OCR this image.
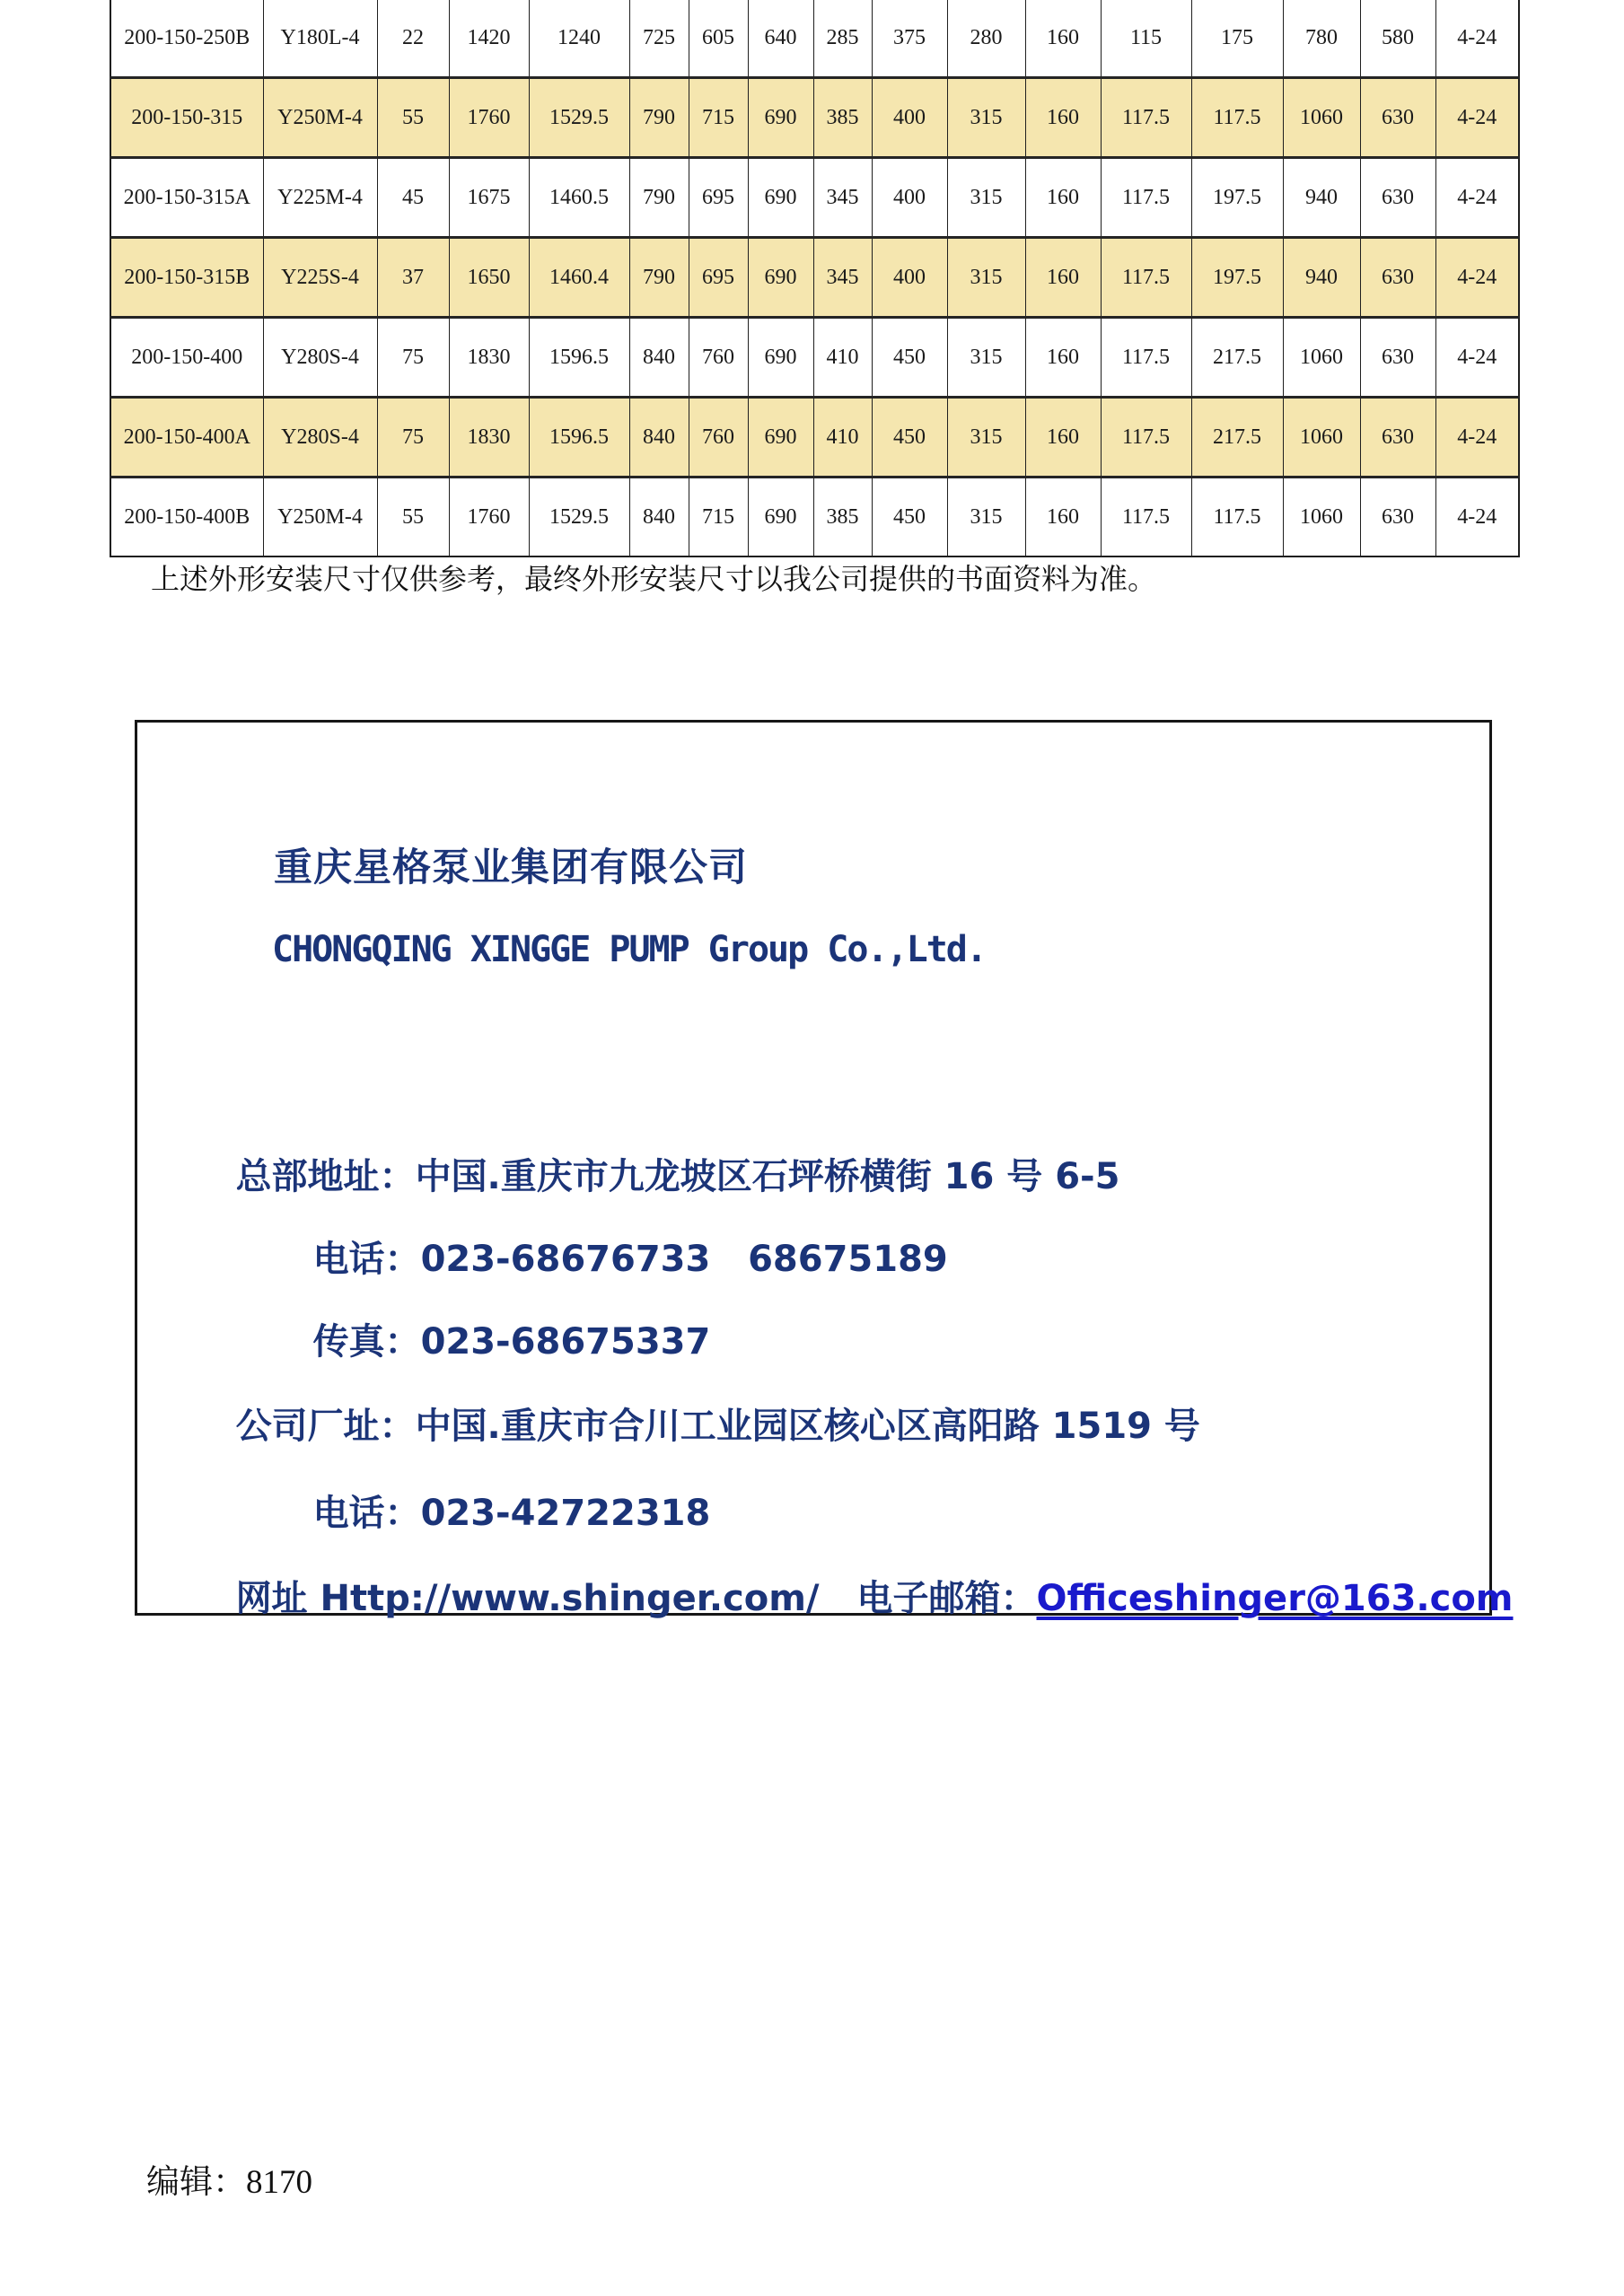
200-150-250B	Y180L-4	22	1420	1240	725	605	640	285	375	280	160	115	175	780	580	4-24
200-150-315	Y250M-4	55	1760	1529.5	790	715	690	385	400	315	160	117.5	117.5	1060	630	4-24
200-150-315A	Y225M-4	45	1675	1460.5	790	695	690	345	400	315	160	117.5	197.5	940	630	4-24
200-150-315B	Y225S-4	37	1650	1460.4	790	695	690	345	400	315	160	117.5	197.5	940	630	4-24
200-150-400	Y280S-4	75	1830	1596.5	840	760	690	410	450	315	160	117.5	217.5	1060	630	4-24
200-150-400A	Y280S-4	75	1830	1596.5	840	760	690	410	450	315	160	117.5	217.5	1060	630	4-24
200-150-400B	Y250M-4	55	1760	1529.5	840	715	690	385	450	315	160	117.5	117.5	1060	630	4-24
上述外形安装尺寸仅供参考，最终外形安装尺寸以我公司提供的书面资料为准。
重庆星格泵业集团有限公司
CHONGQING XINGGE PUMP Group Co.,Ltd.

总部地址：中国.重庆市九龙坡区石坪桥横街 16 号 6-5

电话：023-68676733   68675189

传真：023-68675337

公司厂址：中国.重庆市合川工业园区核心区高阳路 1519 号

电话：023-42722318

网址 Http://www.shinger.com/ 电子邮箱：Officeshinger@163.com

编辑：8170
